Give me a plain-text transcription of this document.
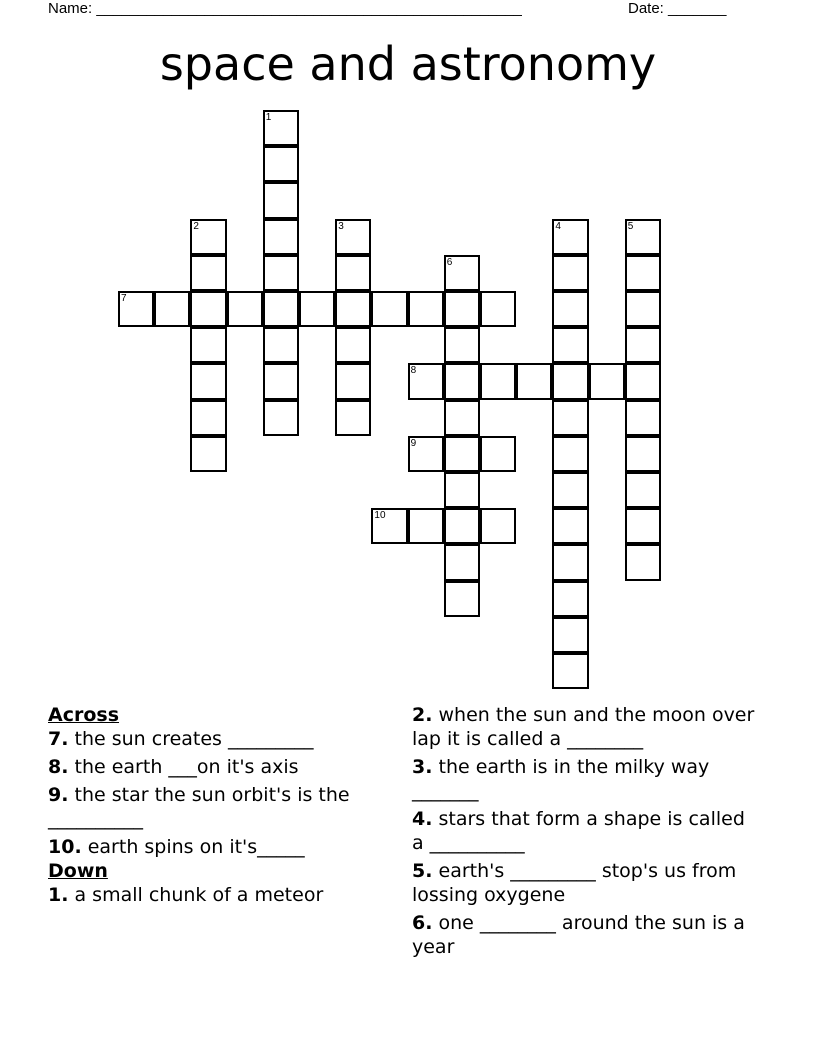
Name: ___________________________________________________	Date: _______
space and astronomy
1
2	3	4	5
6
7
8
9
10
Across
7. the sun creates _________
8. the earth ___on it's axis
9. the star the sun orbit's is the __________
10. earth spins on it's_____
Down
1. a small chunk of a meteor
2. when the sun and the moon over lap it is called a ________
3. the earth is in the milky way _______
4. stars that form a shape is called a __________
5. earth's _________ stop's us from lossing oxygene
6. one ________ around the sun is a year
